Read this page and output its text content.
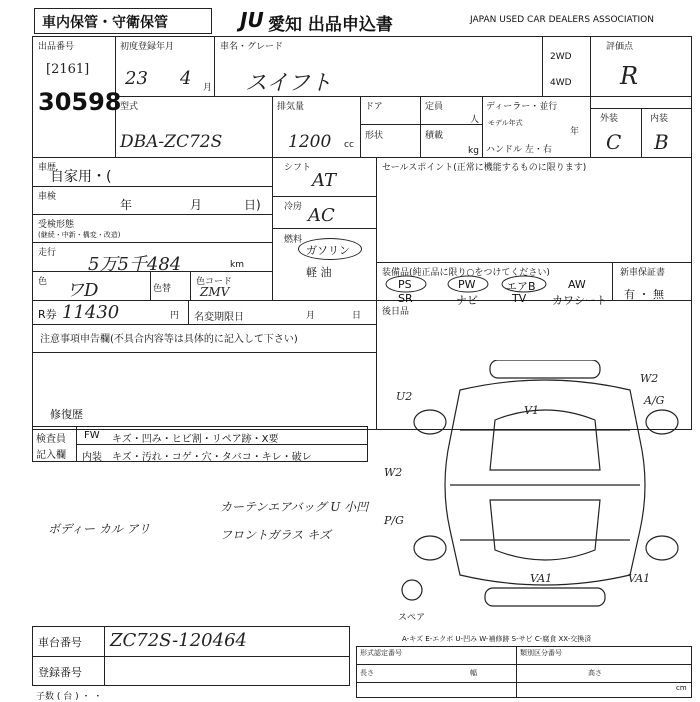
車内保管・守衛保管	JU 愛知 出品申込書	JAPAN USED CAR DEALERS ASSOCIATION
出品番号
[2161]
30598
初度登録年月
23 4 月
車名・グレード
スイフト
2WD
4WD
評価点
R
外装	内装
C B
型式
DBA-ZC72S
排気量
1200 cc
ドア
形状
定員
人
積載
kg
ディーラー・並行
モデル年式
年
ハンドル 左・右
車歴
自家用・(
車検
年	月	日)
受検形態
(継続・中新・構変・改造)
走行
5万5千484	km
色 ワD	色替
色コード
ZMV
シフト
AT
冷房 AC
燃料
ガソリン
軽 油
セールスポイント(正常に機能するものに限ります)
装備品(純正品に限り○をつけてください)	新車保証書
有 ・ 無
PS	PW	エアB	AW
SR	ナビ	TV カワシート
R券 11430	円 名変期限日	月	日 後日品
注意事項申告欄(不具合内容等は具体的に記入して下さい)
修復歴
検査員
記入欄
FW キズ・凹み・ヒビ割・リペア跡・X要
内装 キズ・汚れ・コゲ・穴・タバコ・キレ・破レ
カーテンエアバッグ U 小凹
ボディー カル アリ	フロントガラス キズ
V1
W2
A/G
U2
W2
P/G
VA1	VA1
スペア
A-キズ E-エクボ U-凹み W-補修跡 S-サビ C-腐食 XX-交換済
車台番号 ZC72S-120464
登録番号
子数 ( 台 ) ・ ・
形式認定番号	類別区分番号
長さ	幅	高さ
cm
